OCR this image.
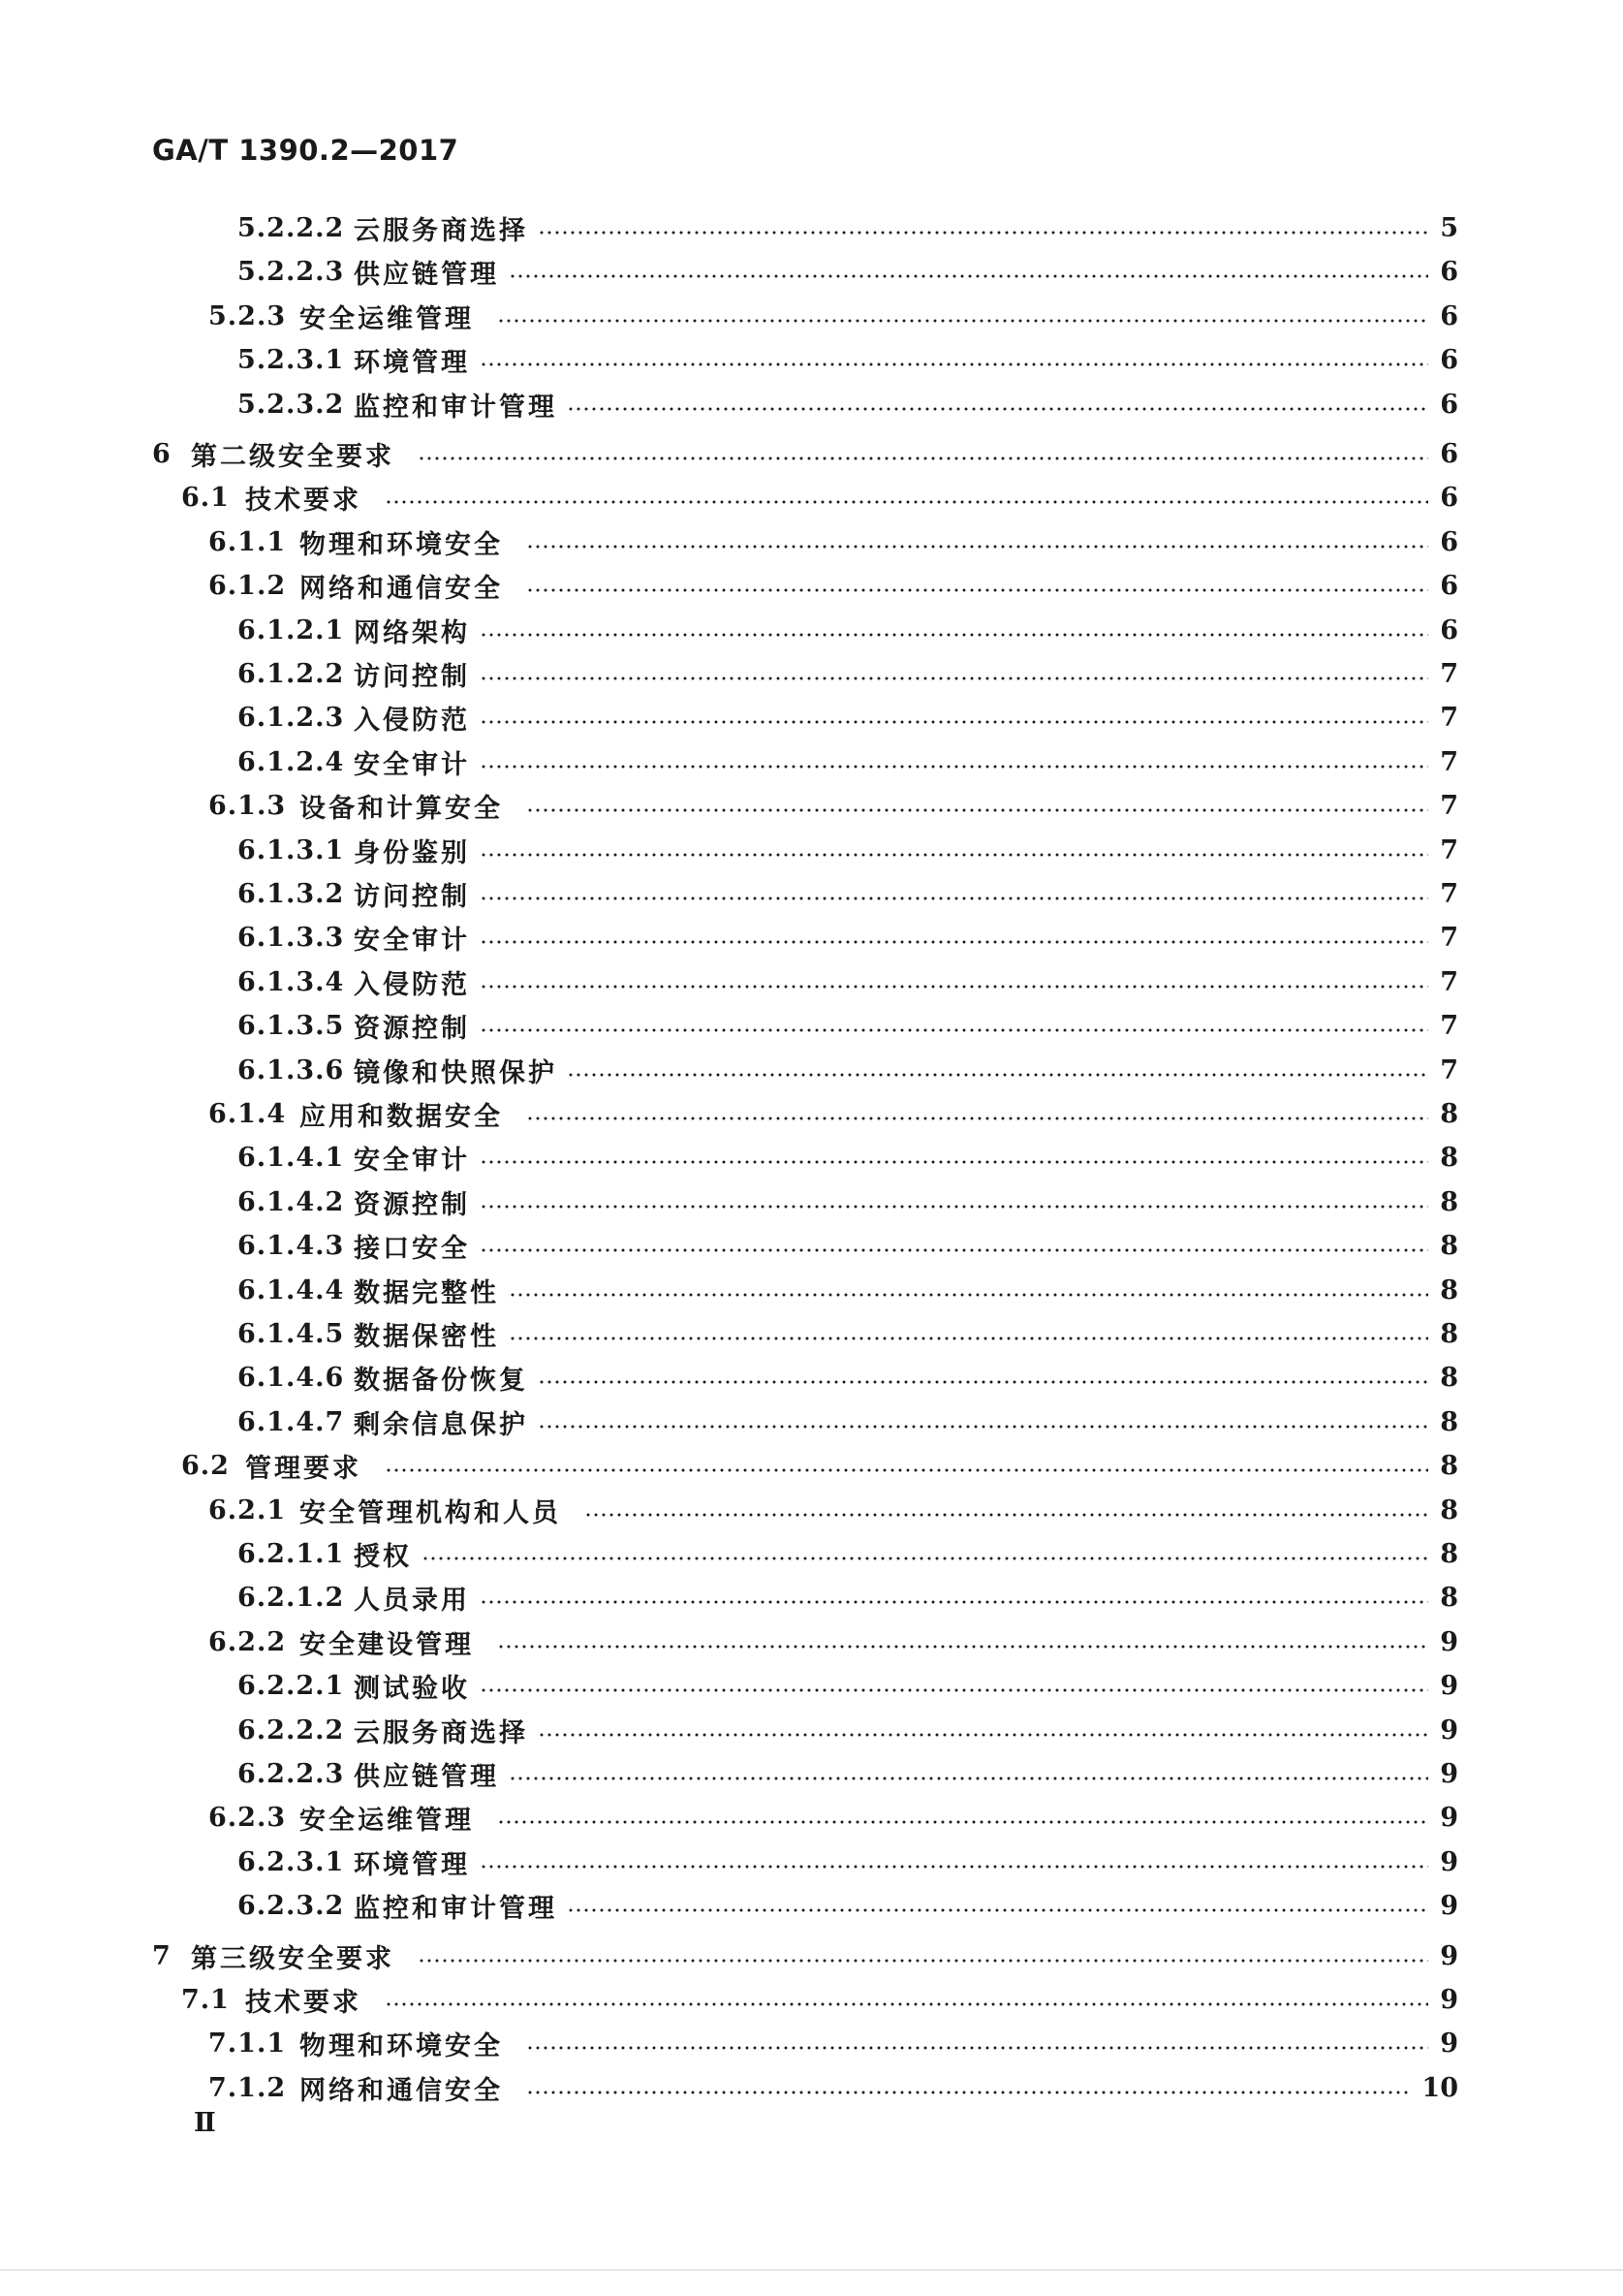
GA/T 1390.2—2017
5.2.2.2 云服务商选择	5
5.2.2.3 供应链管理	6
5.2.3 安全运维管理	6
5.2.3.1 环境管理	6
5.2.3.2 监控和审计管理	6
6 第二级安全要求	6
6.1 技术要求	6
6.1.1 物理和环境安全	6
6.1.2 网络和通信安全	6
6.1.2.1 网络架构	6
6.1.2.2 访问控制	7
6.1.2.3 入侵防范	7
6.1.2.4 安全审计	7
6.1.3 设备和计算安全	7
6.1.3.1 身份鉴别	7
6.1.3.2 访问控制	7
6.1.3.3 安全审计	7
6.1.3.4 入侵防范	7
6.1.3.5 资源控制	7
6.1.3.6 镜像和快照保护	7
6.1.4 应用和数据安全	8
6.1.4.1 安全审计	8
6.1.4.2 资源控制	8
6.1.4.3 接口安全	8
6.1.4.4 数据完整性	8
6.1.4.5 数据保密性	8
6.1.4.6 数据备份恢复	8
6.1.4.7 剩余信息保护	8
6.2 管理要求	8
6.2.1 安全管理机构和人员	8
6.2.1.1 授权	8
6.2.1.2 人员录用	8
6.2.2 安全建设管理	9
6.2.2.1 测试验收	9
6.2.2.2 云服务商选择	9
6.2.2.3 供应链管理	9
6.2.3 安全运维管理	9
6.2.3.1 环境管理	9
6.2.3.2 监控和审计管理	9
7 第三级安全要求	9
7.1 技术要求	9
7.1.1 物理和环境安全	9
7.1.2 网络和通信安全	10
Ⅱ
